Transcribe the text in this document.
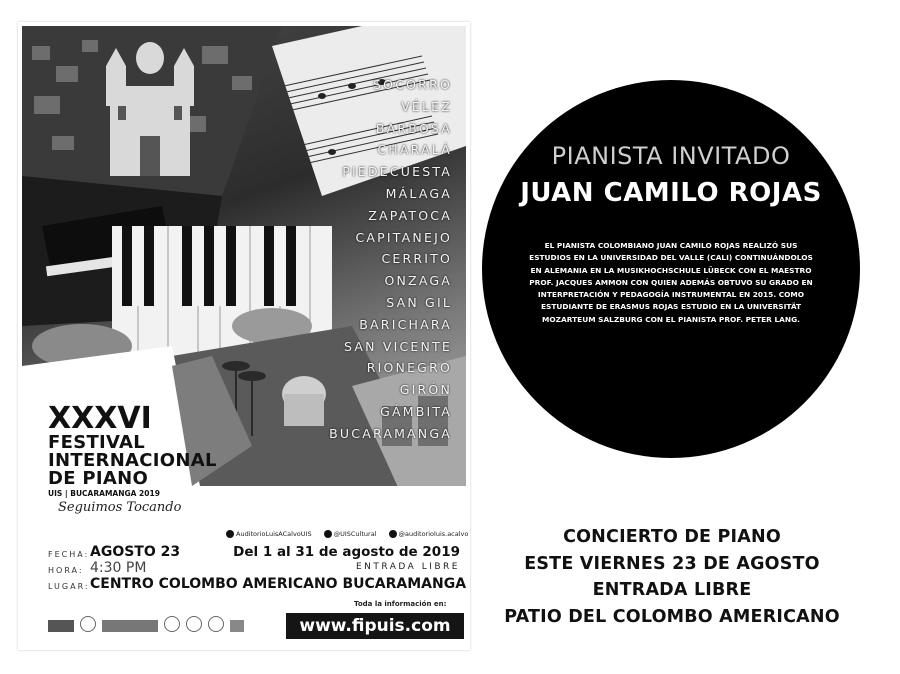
SOCORRO
VÉLEZ
BARBOSA
CHARALÁ
PIEDECUESTA
MÁLAGA
ZAPATOCA
CAPITANEJO
CERRITO
ONZAGA
SAN GIL
BARICHARA
SAN VICENTE
RIONEGRO
GIRÓN
GÁMBITA
BUCARAMANGA
XXXVI
FESTIVAL
INTERNACIONAL
DE PIANO
UIS | BUCARAMANGA 2019
Seguimos Tocando
AuditorioLuisACalvoUIS	@UISCultural	@auditorioluis.acalvo
FECHA: AGOSTO 23
HORA: 4:30 PM
LUGAR: CENTRO COLOMBO AMERICANO BUCARAMANGA
Del 1 al 31 de agosto de 2019
ENTRADA LIBRE
Toda la información en:
www.fipuis.com
PIANISTA INVITADO
JUAN CAMILO ROJAS
EL PIANISTA COLOMBIANO JUAN CAMILO ROJAS REALIZÓ SUS ESTUDIOS EN LA UNIVERSIDAD DEL VALLE (CALI) CONTINUÁNDOLOS EN ALEMANIA EN LA MUSIKHOCHSCHULE LÜBECK CON EL MAESTRO PROF. JACQUES AMMON CON QUIEN ADEMÁS OBTUVO SU GRADO EN INTERPRETACIÓN Y PEDAGOGÍA INSTRUMENTAL EN 2015. COMO ESTUDIANTE DE ERASMUS ROJAS ESTUDIO EN LA UNIVERSITÄT MOZARTEUM SALZBURG CON EL PIANISTA PROF. PETER LANG.
CONCIERTO DE PIANO
ESTE VIERNES 23 DE AGOSTO
ENTRADA LIBRE
PATIO DEL COLOMBO AMERICANO
